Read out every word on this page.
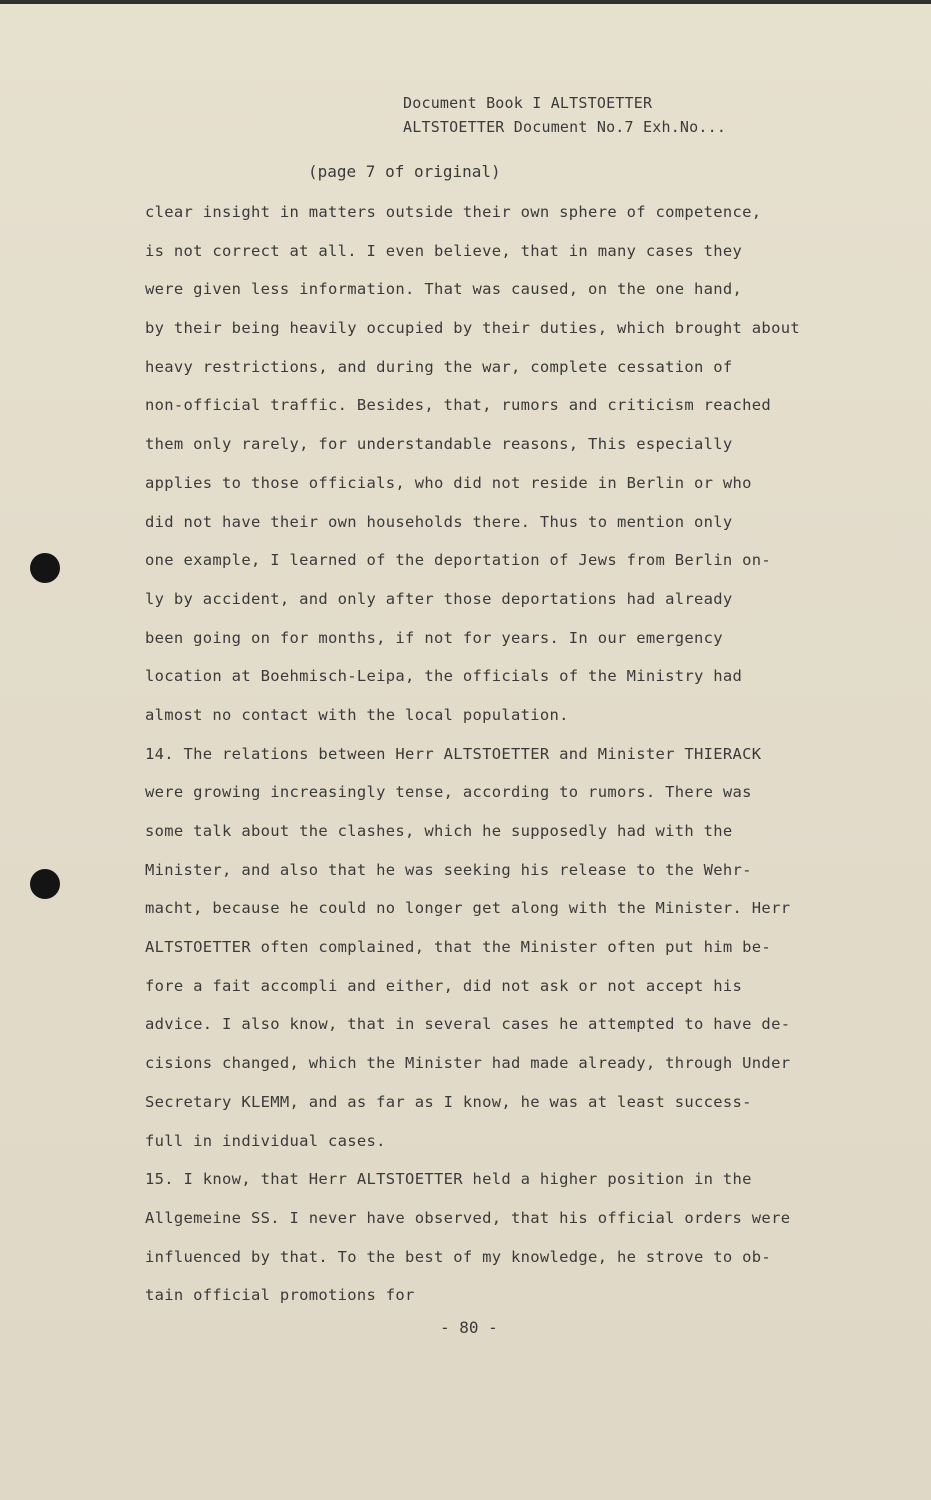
Document Book I ALTSTOETTER
ALTSTOETTER Document No.7 Exh.No...
(page 7 of original)
clear insight in matters outside their own sphere of competence,
is not correct at all. I even believe, that in many cases they
were given less information. That was caused, on the one hand,
by their being heavily occupied by their duties, which brought about
heavy restrictions, and during the war, complete cessation of
non-official traffic. Besides, that, rumors and criticism reached
them only rarely, for understandable reasons, This especially
applies to those officials, who did not reside in Berlin or who
did not have their own households there. Thus to mention only
one example, I learned of the deportation of Jews from Berlin on-
ly by accident, and only after those deportations had already
been going on for months, if not for years. In our emergency
location at Boehmisch-Leipa, the officials of the Ministry had
almost no contact with the local population.
14. The relations between Herr ALTSTOETTER and Minister THIERACK
were growing increasingly tense, according to rumors. There was
some talk about the clashes, which he supposedly had with the
Minister, and also that he was seeking his release to the Wehr-
macht, because he could no longer get along with the Minister. Herr
ALTSTOETTER often complained, that the Minister often put him be-
fore a fait accompli and either, did not ask or not accept his
advice. I also know, that in several cases he attempted to have de-
cisions changed, which the Minister had made already, through Under
Secretary KLEMM, and as far as I know, he was at least success-
full in individual cases.
15. I know, that Herr ALTSTOETTER held a higher position in the
Allgemeine SS. I never have observed, that his official orders were
influenced by that. To the best of my knowledge, he strove to ob-
tain official promotions for
- 80 -
